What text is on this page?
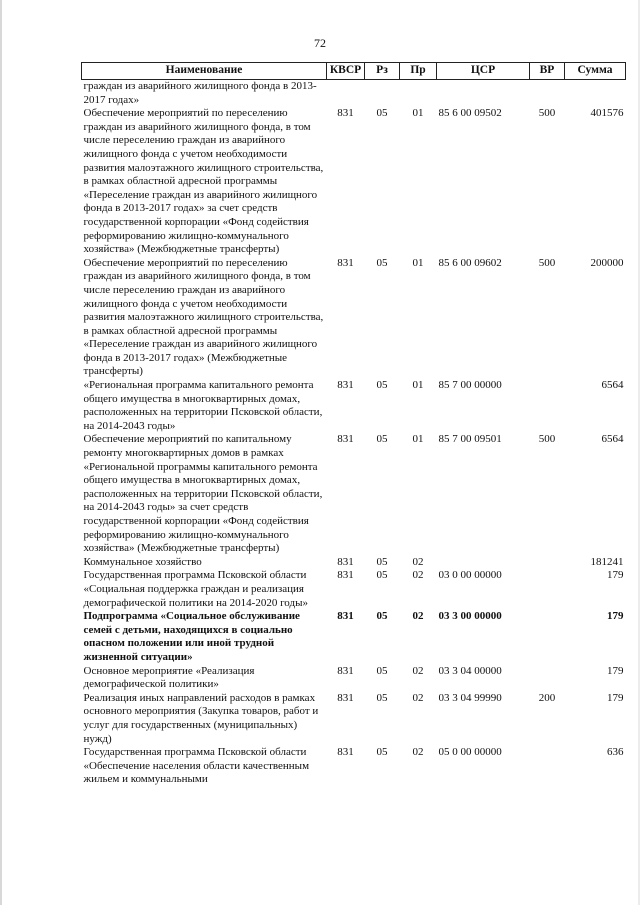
72
Наименование	КВСР	Рз	Пр	ЦСР	ВР	Сумма
граждан из аварийного жилищного фонда в 2013-2017 годах»						
Обеспечение мероприятий по переселению граждан из аварийного жилищного фонда, в том числе переселению граждан из аварийного жилищного фонда с учетом необходимости развития малоэтажного жилищного строительства, в рамках областной адресной программы «Переселение граждан из аварийного жилищного фонда в 2013-2017 годах» за счет средств государственной корпорации «Фонд содействия реформированию жилищно-коммунального хозяйства» (Межбюджетные трансферты)	831	05	01	85 6 00 09502	500	401576
Обеспечение мероприятий по переселению граждан из аварийного жилищного фонда, в том числе переселению граждан из аварийного жилищного фонда с учетом необходимости развития малоэтажного жилищного строительства, в рамках областной адресной программы «Переселение граждан из аварийного жилищного фонда в 2013-2017 годах» (Межбюджетные трансферты)	831	05	01	85 6 00 09602	500	200000
«Региональная программа капитального ремонта общего имущества в многоквартирных домах, расположенных на территории Псковской области, на 2014-2043 годы»	831	05	01	85 7 00 00000		6564
Обеспечение мероприятий по капитальному ремонту многоквартирных домов в рамках «Региональной программы капитального ремонта общего имущества в многоквартирных домах, расположенных на территории Псковской области, на 2014-2043 годы» за счет средств государственной корпорации «Фонд содействия реформированию жилищно-коммунального хозяйства» (Межбюджетные трансферты)	831	05	01	85 7 00 09501	500	6564
Коммунальное хозяйство	831	05	02			181241
Государственная программа Псковской области «Социальная поддержка граждан и реализация демографической политики на 2014-2020 годы»	831	05	02	03 0 00 00000		179
Подпрограмма «Социальное обслуживание семей с детьми, находящихся в социально опасном положении или иной трудной жизненной ситуации»	831	05	02	03 3 00 00000		179
Основное мероприятие «Реализация демографической политики»	831	05	02	03 3 04 00000		179
Реализация иных направлений расходов в рамках основного мероприятия (Закупка товаров, работ и услуг для государственных (муниципальных) нужд)	831	05	02	03 3 04 99990	200	179
Государственная программа Псковской области «Обеспечение населения области качественным жильем и коммунальными	831	05	02	05 0 00 00000		636
